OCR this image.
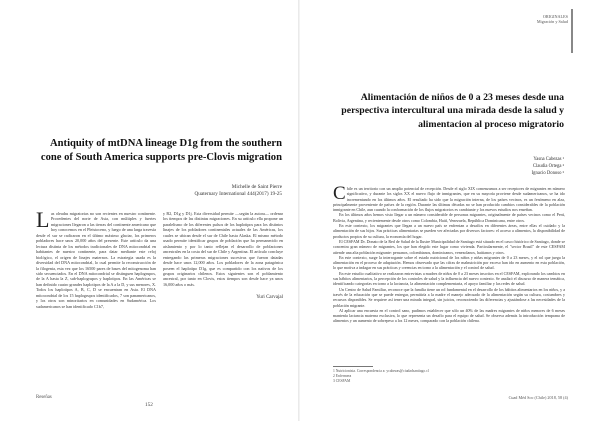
Antiquity of mtDNA lineage D1g from the southern cone of South America supports pre-Clovis migration
Michelle de Saint Pierre
Quaternary International 444(2017) 19-25

Las oleadas migratorias no son recientes en nuestro continente. Procedentes del norte de Asia, con múltiples y fuertes migraciones llegaron a las tierras del continente americano que hoy conocemos en el Pleistoceno, y luego de una larga travesía desde el sur se radicaron en el último máximo glaciar, los primeros pobladores hace unos 20,000 años del presente. Este artículo da una lectura distinta de los métodos tradicionales de DNA mitocondrial en habitantes de nuestro continente, para datar mediante este reloj biológico, el origen de linajes maternos. La estrategia usada es la diversidad del DNA mitocondrial, lo cual permite la reconstrucción de la filogenia, esta vez que los 16500 pares de bases del mitogenoma han sido secuenciados. En el DNA mitocondrial se distinguen haplogrupos, de la A hasta la Z, sub-haplogrupos y haplotipos. En las Américas se han definido cuatro grandes haplotipos de la A a la D, y sus menores, X. Todos los haplotipos A, B, C, D se encuentran en Asia. El DNA mitocondrial de los 15 haplogrupos identificados, 7 son panamericanos, y los otros son minoritarios en comunidades en Sudamérica. Los sudamericanos se han identificado C1b7,

y B2, D1g y D1j. Esta diversidad permite —según la autora— ordenar los tiempos de las distintas migraciones. En su artículo ella propone un paralelismo de los diferentes pulsos de los haplotipos para los distintos linajes de los pobladores continentales actuales de las Américas, los cuales se ubican desde el sur de Chile hasta Alaska. El mismo método usado permite identificar grupos de población que ha permanecido en aislamiento y por lo tanto reflejan el desarrollo de poblaciones ancestrales en la costa del sur de Chile y Argentina. El artículo concluye entregando las primeras migraciones sucesivas que fueron datadas desde hace unos 12,000 años. Los pobladores de la zona patagónica poseen el haplotipo D1g, que es compartido con los nativos de los grupos originarios chilenos. Estos siguientes son el poblamiento ancestral, por tanto en Clovis, estos tiempos son desde hace ya unos 16,000 años o más.

Yuri Carvajal
Reseñas
152
ORIGINALES
Migración y Salud
Alimentación de niños de 0 a 23 meses desde una perspectiva intercultural una mirada desde la salud y alimentacion al proceso migratorio
Yasna Cabezas ¹
Claudia Ortega ²
Ignacio Donoso ³

Chile es un territorio con un amplio potencial de recepción. Desde el siglo XIX comenzamos a ser receptores de migrantes en número significativo, y durante los siglos XX el nuevo flujo de inmigrantes, que en su mayoría proviene desde sudamericanos, se ha ido incrementando en los últimos años. El resultado ha sido que la migración interna, de los países vecinos, es un fenómeno en alza, principalmente proveniente de países de la región. Durante las últimas décadas no se han producido cambios considerables de la población inmigrante en Chile, aun cuando la conformación de los flujos migratorios es cambiante y los nuevos estudios nos enseñan.

En los últimos años hemos visto llegar a un número considerable de personas migrantes, originalmente de países vecinos como el Perú, Bolivia, Argentina, y recientemente desde otros como Colombia, Haití, Venezuela, República Dominicana, entre otros.

En este contexto, los migrantes que llegan a un nuevo país se enfrentan a desafíos en diferentes áreas, entre ellas el cuidado y la alimentación de sus hijos. Sus prácticas alimentarias se pueden ver afectadas por diversos factores: el acceso a alimentos, la disponibilidad de productos propios de su cultura, la economía del hogar.

El CESFAM Dr. Donato de la Red de Salud de la Ilustre Municipalidad de Santiago está situado en el casco histórico de Santiago, donde se concentra gran número de migrantes, los que han elegido este lugar como vivienda. Particularmente, el "sector Brasil" de este CESFAM atiende una alta población migrante: peruanos, colombianos, dominicanos, venezolanos, haitianos y otros.

En este contexto, surge la interrogante sobre el estado nutricional de los niños y niñas migrantes de 0 a 23 meses, y el rol que juega la alimentación en el proceso de adaptación. Hemos observado que las cifras de malnutrición por exceso han ido en aumento en esta población, lo que motiva a indagar en sus prácticas y creencias en torno a la alimentación y el control de salud.

En este estudio cualitativo se realizaron entrevistas a madres de niños de 0 a 23 meses inscritos en el CESFAM, explorando los cambios en sus hábitos alimentarios, la percepción de los controles de salud y la influencia del nuevo contexto. Se analizó el discurso de manera temática, identificando categorías en torno a la lactancia, la alimentación complementaria, el apoyo familiar y las redes de salud.

Un Centro de Salud Familiar, reconoce que la familia tiene un rol fundamental en el desarrollo de los hábitos alimentarios en los niños, y a través de la educación que se puede entregar, permitiría a la madre el manejo adecuado de la alimentación según su cultura, costumbres y recursos disponibles. Se requiere así tener una mirada integral, sin juicios, reconociendo las diferencias y ajustándose a las necesidades de la población migrante.

Al aplicar una encuesta en el control sano, pudimos establecer que sólo un 40% de las madres migrantes de niños menores de 6 meses mantenía lactancia materna exclusiva, lo que representa un desafío para el equipo de salud. Se observa además la introducción temprana de alimentos y un aumento de sobrepeso a los 12 meses, comparado con la población chilena.

1 Nutricionista. Correspondencia a: ycabezas@ciudadsantiago.cl
2 Enfermera
3 CESFAM
Cuad Méd Soc (Chile) 2018, 58 (4)
